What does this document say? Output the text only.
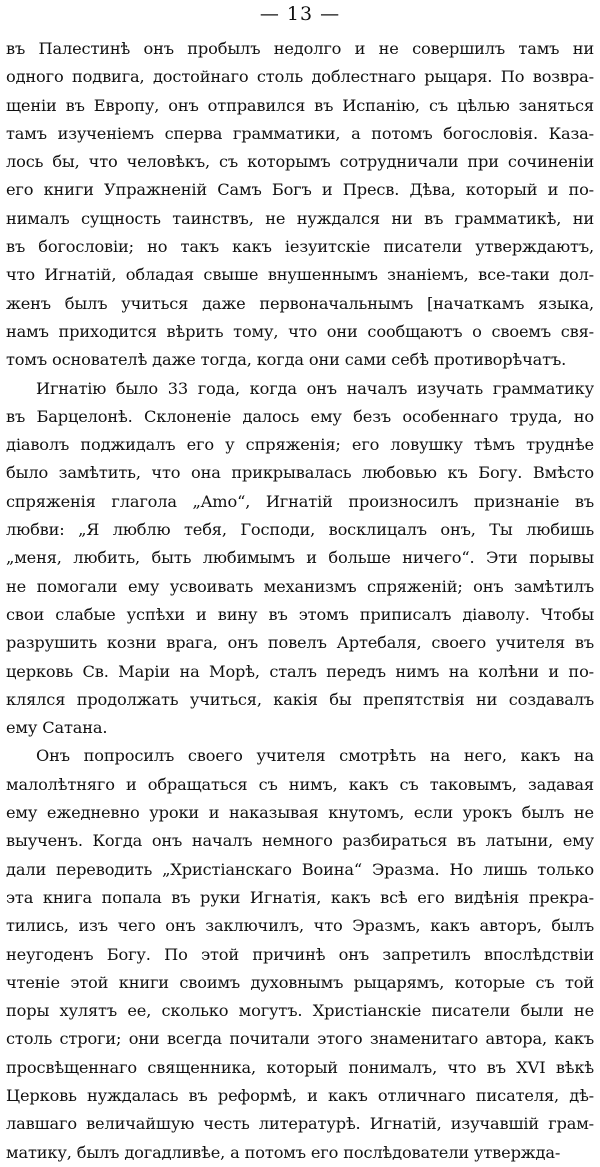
— 13 —
въ Палестинѣ онъ пробылъ недолго и не совершилъ тамъ ни
одного подвига, достойнаго столь доблестнаго рыцаря. По возвра-
щеніи въ Европу, онъ отправился въ Испанію, съ цѣлью заняться
тамъ изученіемъ сперва грамматики, а потомъ богословія. Каза-
лось бы, что человѣкъ, съ которымъ сотрудничали при сочиненіи
его книги Упражненій Самъ Богъ и Пресв. Дѣва, который и по-
нималъ сущность таинствъ, не нуждался ни въ грамматикѣ, ни
въ богословіи; но такъ какъ іезуитскіе писатели утверждаютъ,
что Игнатій, обладая свыше внушеннымъ знаніемъ, все-таки дол-
женъ былъ учиться даже первоначальнымъ [начаткамъ языка,
намъ приходится вѣрить тому, что они сообщаютъ о своемъ свя-
томъ основателѣ даже тогда, когда они сами себѣ противорѣчатъ.
Игнатію было 33 года, когда онъ началъ изучать грамматику
въ Барцелонѣ. Склоненіе далось ему безъ особеннаго труда, но
діаволъ поджидалъ его у спряженія; его ловушку тѣмъ труднѣе
было замѣтить, что она прикрывалась любовью къ Богу. Вмѣсто
спряженія глагола „Amo“, Игнатій произносилъ признаніе въ
любви: „Я люблю тебя, Господи, восклицалъ онъ, Ты любишь
„меня, любить, быть любимымъ и больше ничего“. Эти порывы
не помогали ему усвоивать механизмъ спряженій; онъ замѣтилъ
свои слабые успѣхи и вину въ этомъ приписалъ діаволу. Чтобы
разрушить козни врага, онъ повелъ Артебаля, своего учителя въ
церковь Св. Маріи на Морѣ, сталъ передъ нимъ на колѣни и по-
клялся продолжать учиться, какія бы препятствія ни создавалъ
ему Сатана.
Онъ попросилъ своего учителя смотрѣть на него, какъ на
малолѣтняго и обращаться съ нимъ, какъ съ таковымъ, задавая
ему ежедневно уроки и наказывая кнутомъ, если урокъ былъ не
выученъ. Когда онъ началъ немного разбираться въ латыни, ему
дали переводить „Христіанскаго Воина“ Эразма. Но лишь только
эта книга попала въ руки Игнатія, какъ всѣ его видѣнія прекра-
тились, изъ чего онъ заключилъ, что Эразмъ, какъ авторъ, былъ
неугоденъ Богу. По этой причинѣ онъ запретилъ впослѣдствіи
чтеніе этой книги своимъ духовнымъ рыцарямъ, которые съ той
поры хулятъ ее, сколько могутъ. Христіанскіе писатели были не
столь строги; они всегда почитали этого знаменитаго автора, какъ
просвѣщеннаго священника, который понималъ, что въ XVI вѣкѣ
Церковь нуждалась въ реформѣ, и какъ отличнаго писателя, дѣ-
лавшаго величайшую честь литературѣ. Игнатій, изучавшій грам-
матику, былъ догадливѣе, а потомъ его послѣдователи утвержда-
